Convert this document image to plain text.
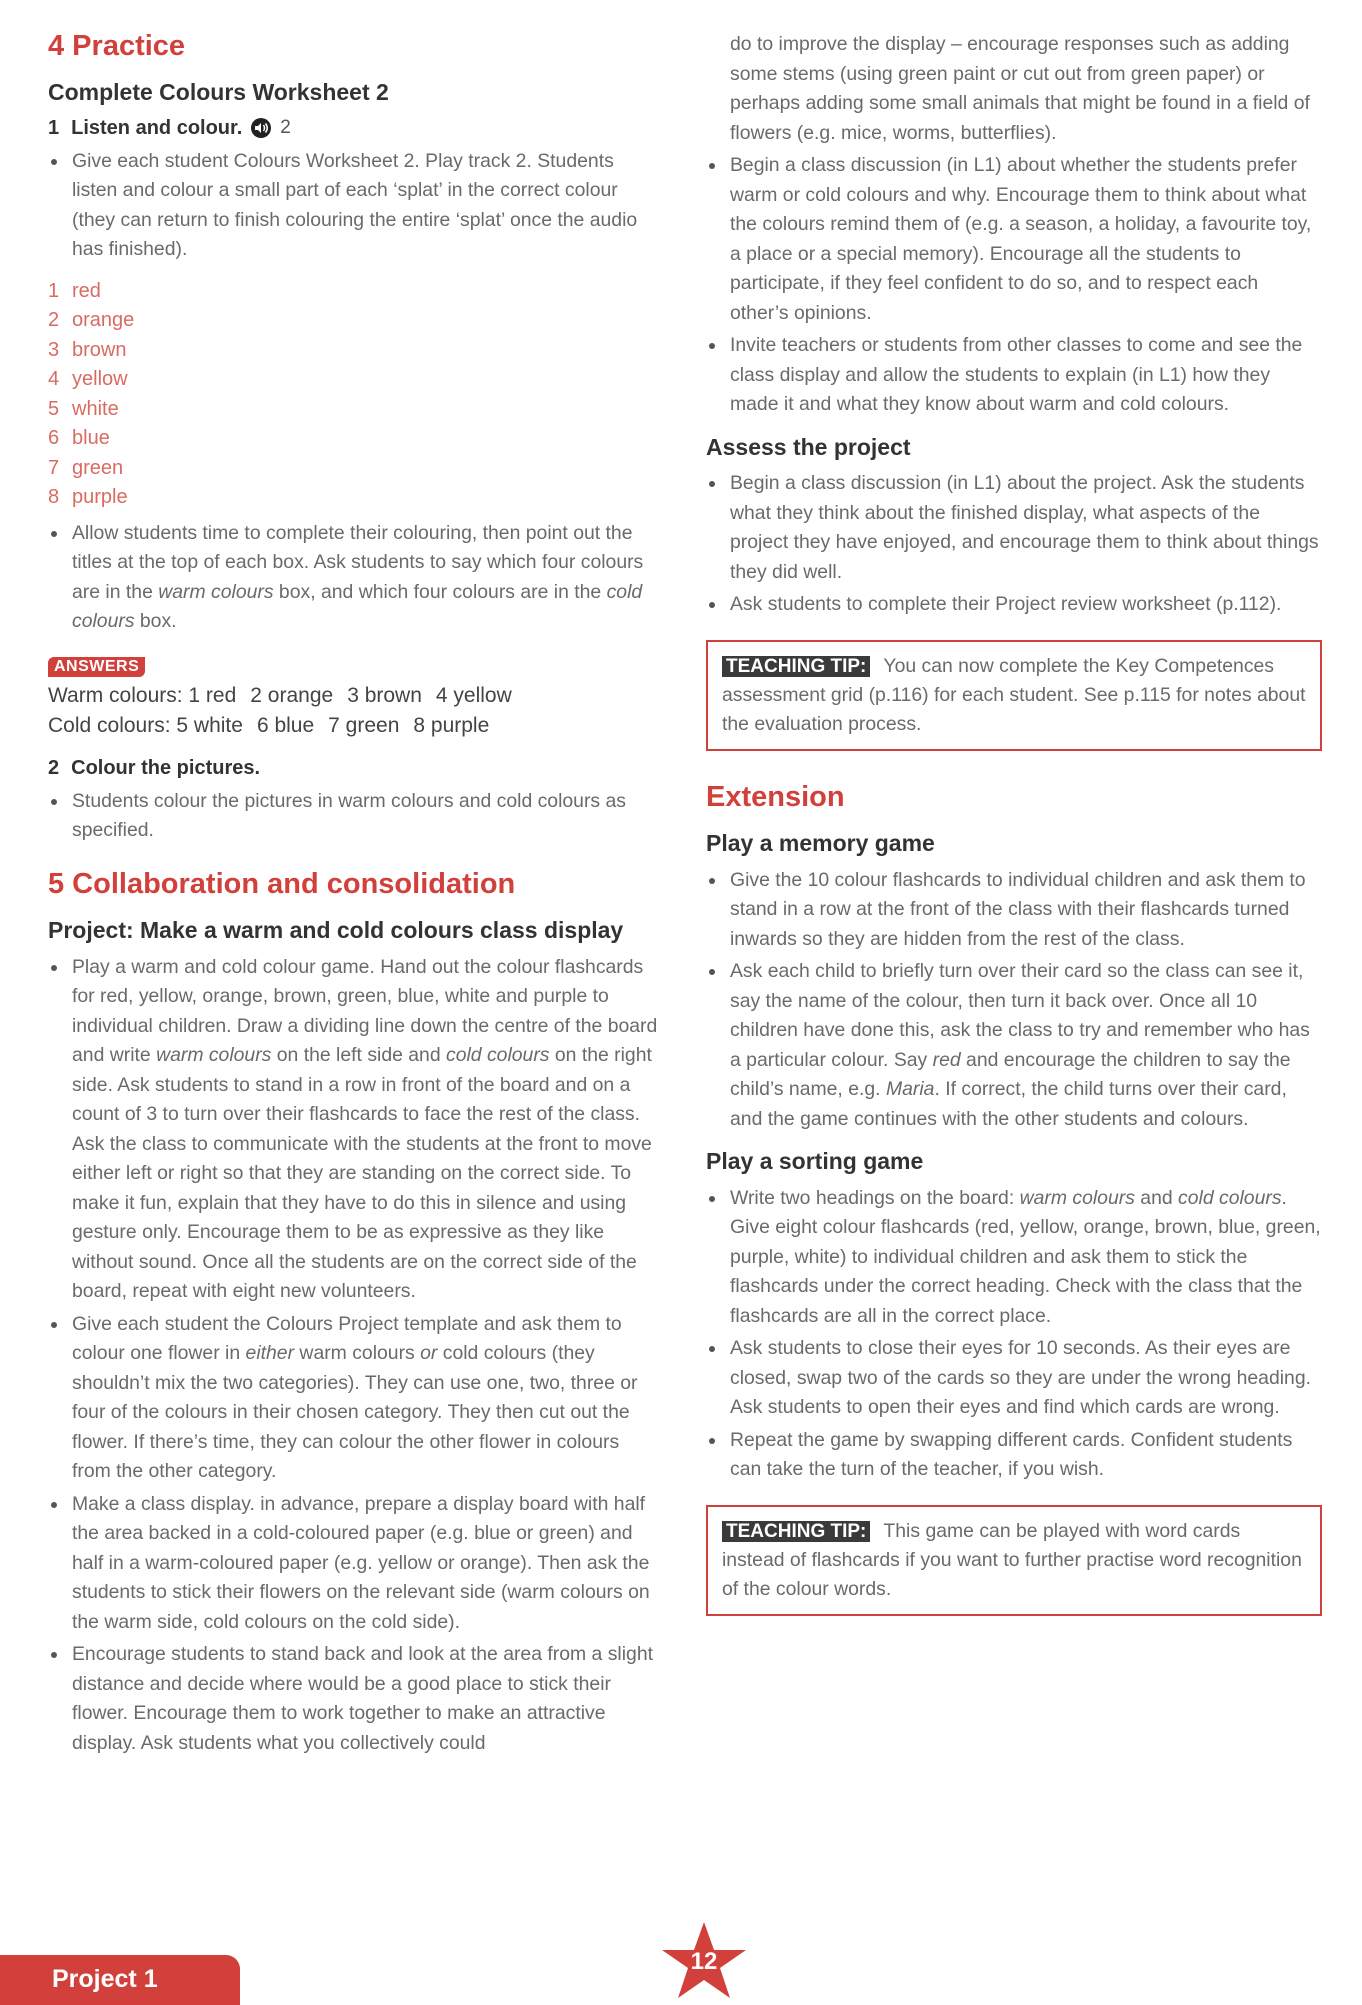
4 Practice
Complete Colours Worksheet 2
1 Listen and colour. 2
Give each student Colours Worksheet 2. Play track 2. Students listen and colour a small part of each ‘splat’ in the correct colour (they can return to finish colouring the entire ‘splat’ once the audio has finished).
1 red
2 orange
3 brown
4 yellow
5 white
6 blue
7 green
8 purple
Allow students time to complete their colouring, then point out the titles at the top of each box. Ask students to say which four colours are in the warm colours box, and which four colours are in the cold colours box.
ANSWERS
Warm colours: 1 red 2 orange 3 brown 4 yellow
Cold colours: 5 white 6 blue 7 green 8 purple
2 Colour the pictures.
Students colour the pictures in warm colours and cold colours as specified.
5 Collaboration and consolidation
Project: Make a warm and cold colours class display
Play a warm and cold colour game. Hand out the colour flashcards for red, yellow, orange, brown, green, blue, white and purple to individual children. Draw a dividing line down the centre of the board and write warm colours on the left side and cold colours on the right side. Ask students to stand in a row in front of the board and on a count of 3 to turn over their flashcards to face the rest of the class. Ask the class to communicate with the students at the front to move either left or right so that they are standing on the correct side. To make it fun, explain that they have to do this in silence and using gesture only. Encourage them to be as expressive as they like without sound. Once all the students are on the correct side of the board, repeat with eight new volunteers.
Give each student the Colours Project template and ask them to colour one flower in either warm colours or cold colours (they shouldn’t mix the two categories). They can use one, two, three or four of the colours in their chosen category. They then cut out the flower. If there’s time, they can colour the other flower in colours from the other category.
Make a class display. in advance, prepare a display board with half the area backed in a cold-coloured paper (e.g. blue or green) and half in a warm-coloured paper (e.g. yellow or orange). Then ask the students to stick their flowers on the relevant side (warm colours on the warm side, cold colours on the cold side).
Encourage students to stand back and look at the area from a slight distance and decide where would be a good place to stick their flower. Encourage them to work together to make an attractive display. Ask students what you collectively could
do to improve the display – encourage responses such as adding some stems (using green paint or cut out from green paper) or perhaps adding some small animals that might be found in a field of flowers (e.g. mice, worms, butterflies).
Begin a class discussion (in L1) about whether the students prefer warm or cold colours and why. Encourage them to think about what the colours remind them of (e.g. a season, a holiday, a favourite toy, a place or a special memory). Encourage all the students to participate, if they feel confident to do so, and to respect each other’s opinions.
Invite teachers or students from other classes to come and see the class display and allow the students to explain (in L1) how they made it and what they know about warm and cold colours.
Assess the project
Begin a class discussion (in L1) about the project. Ask the students what they think about the finished display, what aspects of the project they have enjoyed, and encourage them to think about things they did well.
Ask students to complete their Project review worksheet (p.112).
TEACHING TIP: You can now complete the Key Competences assessment grid (p.116) for each student. See p.115 for notes about the evaluation process.
Extension
Play a memory game
Give the 10 colour flashcards to individual children and ask them to stand in a row at the front of the class with their flashcards turned inwards so they are hidden from the rest of the class.
Ask each child to briefly turn over their card so the class can see it, say the name of the colour, then turn it back over. Once all 10 children have done this, ask the class to try and remember who has a particular colour. Say red and encourage the children to say the child’s name, e.g. Maria. If correct, the child turns over their card, and the game continues with the other students and colours.
Play a sorting game
Write two headings on the board: warm colours and cold colours. Give eight colour flashcards (red, yellow, orange, brown, blue, green, purple, white) to individual children and ask them to stick the flashcards under the correct heading. Check with the class that the flashcards are all in the correct place.
Ask students to close their eyes for 10 seconds. As their eyes are closed, swap two of the cards so they are under the wrong heading. Ask students to open their eyes and find which cards are wrong.
Repeat the game by swapping different cards. Confident students can take the turn of the teacher, if you wish.
TEACHING TIP: This game can be played with word cards instead of flashcards if you want to further practise word recognition of the colour words.
Project 1
12
